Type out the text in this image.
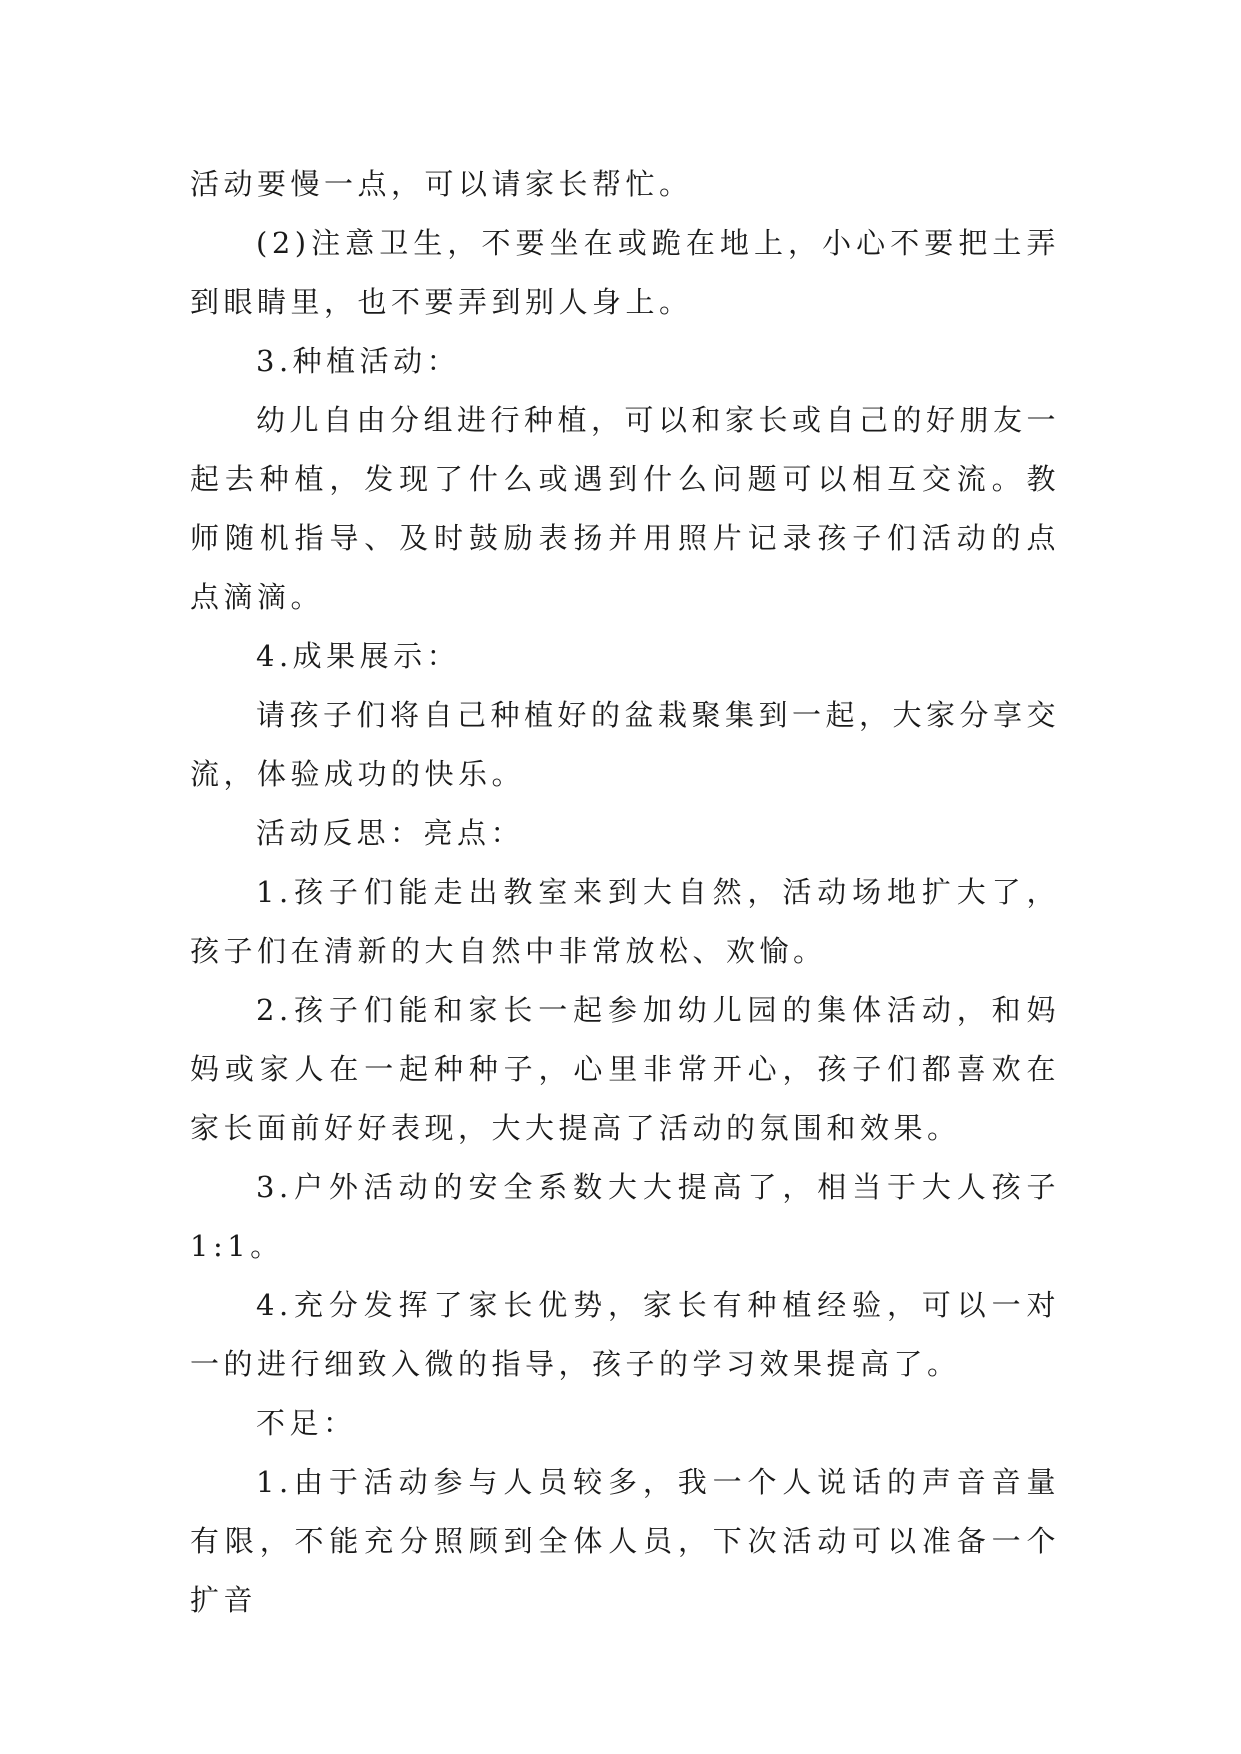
活动要慢一点，可以请家长帮忙。

(2)注意卫生，不要坐在或跪在地上，小心不要把土弄到眼睛里，也不要弄到别人身上。

3.种植活动：

幼儿自由分组进行种植，可以和家长或自己的好朋友一起去种植，发现了什么或遇到什么问题可以相互交流。教师随机指导、及时鼓励表扬并用照片记录孩子们活动的点点滴滴。

4.成果展示：

请孩子们将自己种植好的盆栽聚集到一起，大家分享交流，体验成功的快乐。

活动反思：亮点：

1.孩子们能走出教室来到大自然，活动场地扩大了，孩子们在清新的大自然中非常放松、欢愉。

2.孩子们能和家长一起参加幼儿园的集体活动，和妈妈或家人在一起种种子，心里非常开心，孩子们都喜欢在家长面前好好表现，大大提高了活动的氛围和效果。

3.户外活动的安全系数大大提高了，相当于大人孩子1:1。

4.充分发挥了家长优势，家长有种植经验，可以一对一的进行细致入微的指导，孩子的学习效果提高了。

不足：

1.由于活动参与人员较多，我一个人说话的声音音量有限，不能充分照顾到全体人员，下次活动可以准备一个扩音
